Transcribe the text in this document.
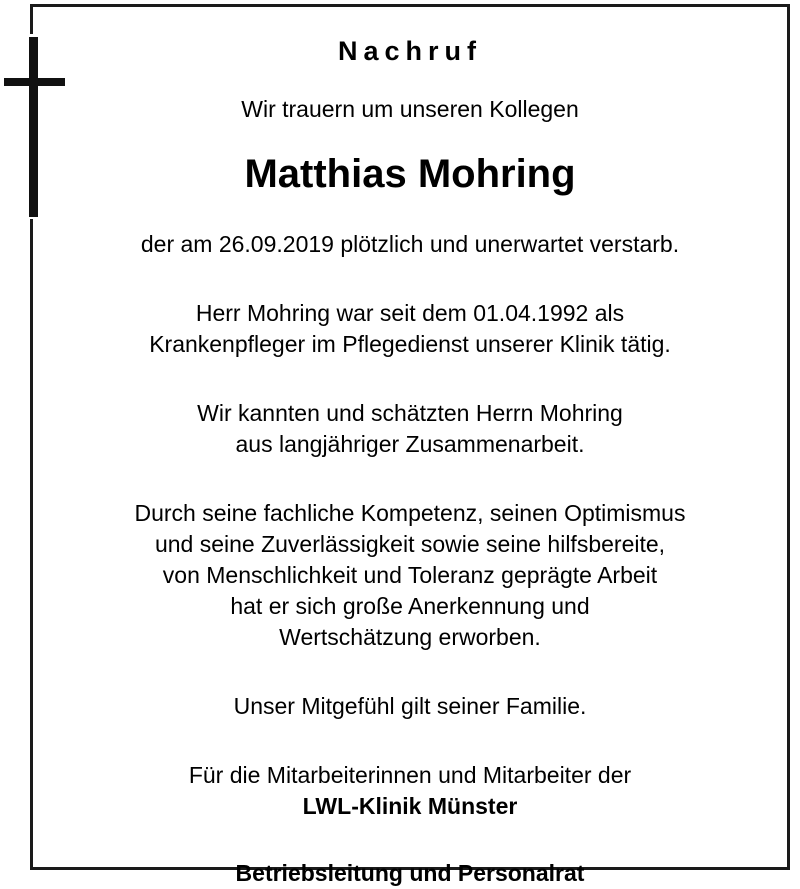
Nachruf
Wir trauern um unseren Kollegen
Matthias Mohring
der am 26.09.2019 plötzlich und unerwartet verstarb.
Herr Mohring war seit dem 01.04.1992 als
Krankenpfleger im Pflegedienst unserer Klinik tätig.
Wir kannten und schätzten Herrn Mohring
aus langjähriger Zusammenarbeit.
Durch seine fachliche Kompetenz, seinen Optimismus
und seine Zuverlässigkeit sowie seine hilfsbereite,
von Menschlichkeit und Toleranz geprägte Arbeit
hat er sich große Anerkennung und
Wertschätzung erworben.
Unser Mitgefühl gilt seiner Familie.
Für die Mitarbeiterinnen und Mitarbeiter der
LWL-Klinik Münster
Betriebsleitung und Personalrat
